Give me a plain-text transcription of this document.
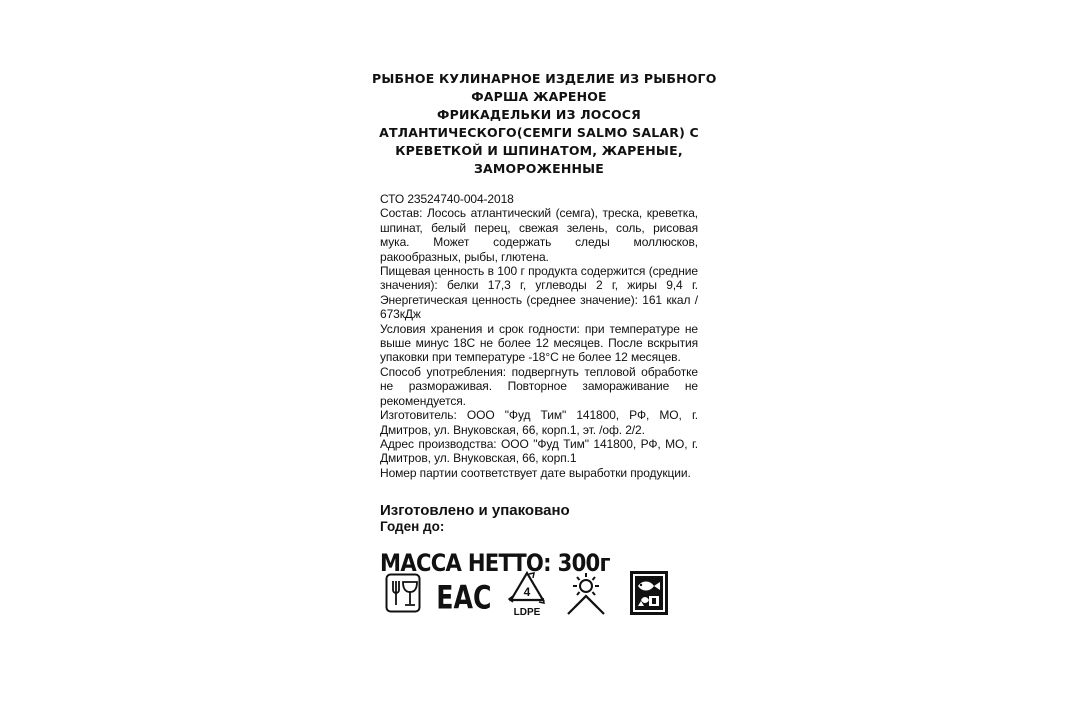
РЫБНОЕ КУЛИНАРНОЕ ИЗДЕЛИЕ ИЗ РЫБНОГО
ФАРША ЖАРЕНОЕ
ФРИКАДЕЛЬКИ ИЗ ЛОСОСЯ
АТЛАНТИЧЕСКОГО(СЕМГИ SALMO SALAR) С
КРЕВЕТКОЙ И ШПИНАТОМ, ЖАРЕНЫЕ,
ЗАМОРОЖЕННЫЕ

СТО 23524740-004-2018

Состав: Лосось атлантический (семга), треска, креветка, шпинат, белый перец, свежая зелень, соль, рисовая мука. Может содержать следы моллюсков, ракообразных, рыбы, глютена.

Пищевая ценность в 100 г продукта содержится (средние значения): белки 17,3 г, углеводы 2 г, жиры 9,4 г. Энергетическая ценность (среднее значение): 161 ккал / 673кДж

Условия хранения и срок годности: при температуре не выше минус 18С не более 12 месяцев. После вскрытия упаковки при температуре -18°С не более 12 месяцев.

Способ употребления: подвергнуть тепловой обработке не размораживая. Повторное замораживание не рекомендуется.

Изготовитель: ООО "Фуд Тим" 141800, РФ, МО, г. Дмитров, ул. Внуковская, 66, корп.1, эт. /оф. 2/2.

Адрес производства: ООО "Фуд Тим" 141800, РФ, МО, г. Дмитров, ул. Внуковская, 66, корп.1

Номер партии соответствует дате выработки продукции.

Изготовлено и упаковано
Годен до:
МАССА НЕТТО: 300г
ЕАС	4
LDPE
